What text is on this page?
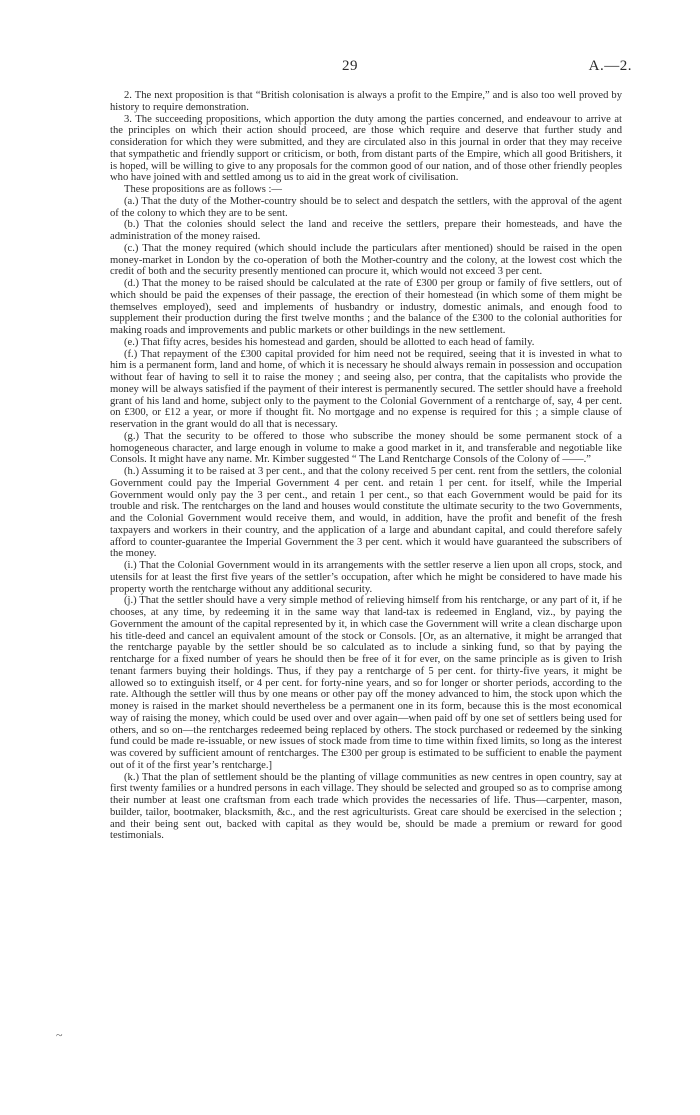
29	A.—2.

2. The next proposition is that “British colonisation is always a profit to the Empire,” and is also too well proved by history to require demonstration.

3. The succeeding propositions, which apportion the duty among the parties concerned, and endeavour to arrive at the principles on which their action should proceed, are those which require and deserve that further study and consideration for which they were submitted, and they are circulated also in this journal in order that they may receive that sympathetic and friendly support or criticism, or both, from distant parts of the Empire, which all good Britishers, it is hoped, will be willing to give to any proposals for the common good of our nation, and of those other friendly peoples who have joined with and settled among us to aid in the great work of civilisation.

These propositions are as follows :—

(a.) That the duty of the Mother-country should be to select and despatch the settlers, with the approval of the agent of the colony to which they are to be sent.

(b.) That the colonies should select the land and receive the settlers, prepare their homesteads, and have the administration of the money raised.

(c.) That the money required (which should include the particulars after mentioned) should be raised in the open money-market in London by the co-operation of both the Mother-country and the colony, at the lowest cost which the credit of both and the security presently mentioned can procure it, which would not exceed 3 per cent.

(d.) That the money to be raised should be calculated at the rate of £300 per group or family of five settlers, out of which should be paid the expenses of their passage, the erection of their homestead (in which some of them might be themselves employed), seed and implements of husbandry or industry, domestic animals, and enough food to supplement their production during the first twelve months ; and the balance of the £300 to the colonial authorities for making roads and improvements and public markets or other buildings in the new settlement.

(e.) That fifty acres, besides his homestead and garden, should be allotted to each head of family.

(f.) That repayment of the £300 capital provided for him need not be required, seeing that it is invested in what to him is a permanent form, land and home, of which it is necessary he should always remain in possession and occupation without fear of having to sell it to raise the money ; and seeing also, per contra, that the capitalists who provide the money will be always satisfied if the payment of their interest is permanently secured. The settler should have a freehold grant of his land and home, subject only to the payment to the Colonial Government of a rentcharge of, say, 4 per cent. on £300, or £12 a year, or more if thought fit. No mortgage and no expense is required for this ; a simple clause of reservation in the grant would do all that is necessary.

(g.) That the security to be offered to those who subscribe the money should be some permanent stock of a homogeneous character, and large enough in volume to make a good market in it, and transferable and negotiable like Consols. It might have any name. Mr. Kimber suggested “ The Land Rentcharge Consols of the Colony of ——.”

(h.) Assuming it to be raised at 3 per cent., and that the colony received 5 per cent. rent from the settlers, the colonial Government could pay the Imperial Government 4 per cent. and retain 1 per cent. for itself, while the Imperial Government would only pay the 3 per cent., and retain 1 per cent., so that each Government would be paid for its trouble and risk. The rentcharges on the land and houses would constitute the ultimate security to the two Governments, and the Colonial Government would receive them, and would, in addition, have the profit and benefit of the fresh taxpayers and workers in their country, and the application of a large and abundant capital, and could therefore safely afford to counter-guarantee the Imperial Government the 3 per cent. which it would have guaranteed the subscribers of the money.

(i.) That the Colonial Government would in its arrangements with the settler reserve a lien upon all crops, stock, and utensils for at least the first five years of the settler’s occupation, after which he might be considered to have made his property worth the rentcharge without any additional security.

(j.) That the settler should have a very simple method of relieving himself from his rentcharge, or any part of it, if he chooses, at any time, by redeeming it in the same way that land-tax is redeemed in England, viz., by paying the Government the amount of the capital represented by it, in which case the Government will write a clean discharge upon his title-deed and cancel an equivalent amount of the stock or Consols. [Or, as an alternative, it might be arranged that the rentcharge payable by the settler should be so calculated as to include a sinking fund, so that by paying the rentcharge for a fixed number of years he should then be free of it for ever, on the same principle as is given to Irish tenant farmers buying their holdings. Thus, if they pay a rentcharge of 5 per cent. for thirty-five years, it might be allowed so to extinguish itself, or 4 per cent. for forty-nine years, and so for longer or shorter periods, according to the rate. Although the settler will thus by one means or other pay off the money advanced to him, the stock upon which the money is raised in the market should nevertheless be a permanent one in its form, because this is the most economical way of raising the money, which could be used over and over again—when paid off by one set of settlers being used for others, and so on—the rentcharges redeemed being replaced by others. The stock purchased or redeemed by the sinking fund could be made re-issuable, or new issues of stock made from time to time within fixed limits, so long as the interest was covered by sufficient amount of rentcharges. The £300 per group is estimated to be sufficient to enable the payment out of it of the first year’s rentcharge.]

(k.) That the plan of settlement should be the planting of village communities as new centres in open country, say at first twenty families or a hundred persons in each village. They should be selected and grouped so as to comprise among their number at least one craftsman from each trade which provides the necessaries of life. Thus—carpenter, mason, builder, tailor, bootmaker, blacksmith, &c., and the rest agriculturists. Great care should be exercised in the selection ; and their being sent out, backed with capital as they would be, should be made a premium or reward for good testimonials.

~
